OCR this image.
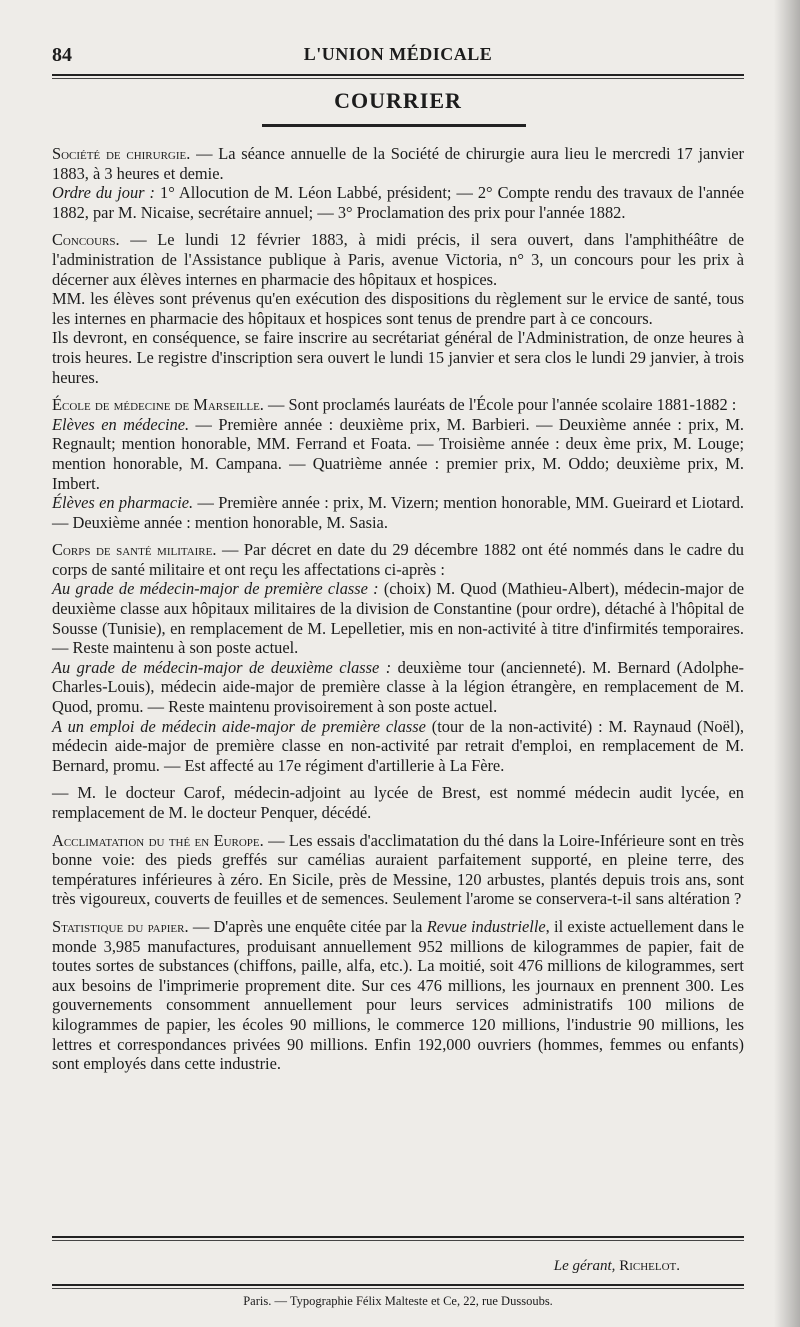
84	L'UNION MÉDICALE
COURRIER

Société de chirurgie. — La séance annuelle de la Société de chirurgie aura lieu le mercredi 17 janvier 1883, à 3 heures et demie.

Ordre du jour : 1° Allocution de M. Léon Labbé, président; — 2° Compte rendu des travaux de l'année 1882, par M. Nicaise, secrétaire annuel; — 3° Proclamation des prix pour l'année 1882.

Concours. — Le lundi 12 février 1883, à midi précis, il sera ouvert, dans l'amphithéâtre de l'administration de l'Assistance publique à Paris, avenue Victoria, n° 3, un concours pour les prix à décerner aux élèves internes en pharmacie des hôpitaux et hospices.

MM. les élèves sont prévenus qu'en exécution des dispositions du règlement sur le ervice de santé, tous les internes en pharmacie des hôpitaux et hospices sont tenus de prendre part à ce concours.

Ils devront, en conséquence, se faire inscrire au secrétariat général de l'Administration, de onze heures à trois heures. Le registre d'inscription sera ouvert le lundi 15 janvier et sera clos le lundi 29 janvier, à trois heures.

École de médecine de Marseille. — Sont proclamés lauréats de l'École pour l'année scolaire 1881-1882 :

Elèves en médecine. — Première année : deuxième prix, M. Barbieri. — Deuxième année : prix, M. Regnault; mention honorable, MM. Ferrand et Foata. — Troisième année : deux ème prix, M. Louge; mention honorable, M. Campana. — Quatrième année : premier prix, M. Oddo; deuxième prix, M. Imbert.

Élèves en pharmacie. — Première année : prix, M. Vizern; mention honorable, MM. Gueirard et Liotard. — Deuxième année : mention honorable, M. Sasia.

Corps de santé militaire. — Par décret en date du 29 décembre 1882 ont été nommés dans le cadre du corps de santé militaire et ont reçu les affectations ci-après :

Au grade de médecin-major de première classe : (choix) M. Quod (Mathieu-Albert), médecin-major de deuxième classe aux hôpitaux militaires de la division de Constantine (pour ordre), détaché à l'hôpital de Sousse (Tunisie), en remplacement de M. Lepelletier, mis en non-activité à titre d'infirmités temporaires. — Reste maintenu à son poste actuel.

Au grade de médecin-major de deuxième classe : deuxième tour (ancienneté). M. Bernard (Adolphe-Charles-Louis), médecin aide-major de première classe à la légion étrangère, en remplacement de M. Quod, promu. — Reste maintenu provisoirement à son poste actuel.

A un emploi de médecin aide-major de première classe (tour de la non-activité) : M. Raynaud (Noël), médecin aide-major de première classe en non-activité par retrait d'emploi, en remplacement de M. Bernard, promu. — Est affecté au 17e régiment d'artillerie à La Fère.

— M. le docteur Carof, médecin-adjoint au lycée de Brest, est nommé médecin audit lycée, en remplacement de M. le docteur Penquer, décédé.

Acclimatation du thé en Europe. — Les essais d'acclimatation du thé dans la Loire-Inférieure sont en très bonne voie: des pieds greffés sur camélias auraient parfaitement supporté, en pleine terre, des températures inférieures à zéro. En Sicile, près de Messine, 120 arbustes, plantés depuis trois ans, sont très vigoureux, couverts de feuilles et de semences. Seulement l'arome se conservera-t-il sans altération ?

Statistique du papier. — D'après une enquête citée par la Revue industrielle, il existe actuellement dans le monde 3,985 manufactures, produisant annuellement 952 millions de kilogrammes de papier, fait de toutes sortes de substances (chiffons, paille, alfa, etc.). La moitié, soit 476 millions de kilogrammes, sert aux besoins de l'imprimerie proprement dite. Sur ces 476 millions, les journaux en prennent 300. Les gouvernements consomment annuellement pour leurs services administratifs 100 milions de kilogrammes de papier, les écoles 90 millions, le commerce 120 millions, l'industrie 90 millions, les lettres et correspondances privées 90 millions. Enfin 192,000 ouvriers (hommes, femmes ou enfants) sont employés dans cette industrie.

Le gérant, Richelot.
Paris. — Typographie Félix Malteste et Ce, 22, rue Dussoubs.
